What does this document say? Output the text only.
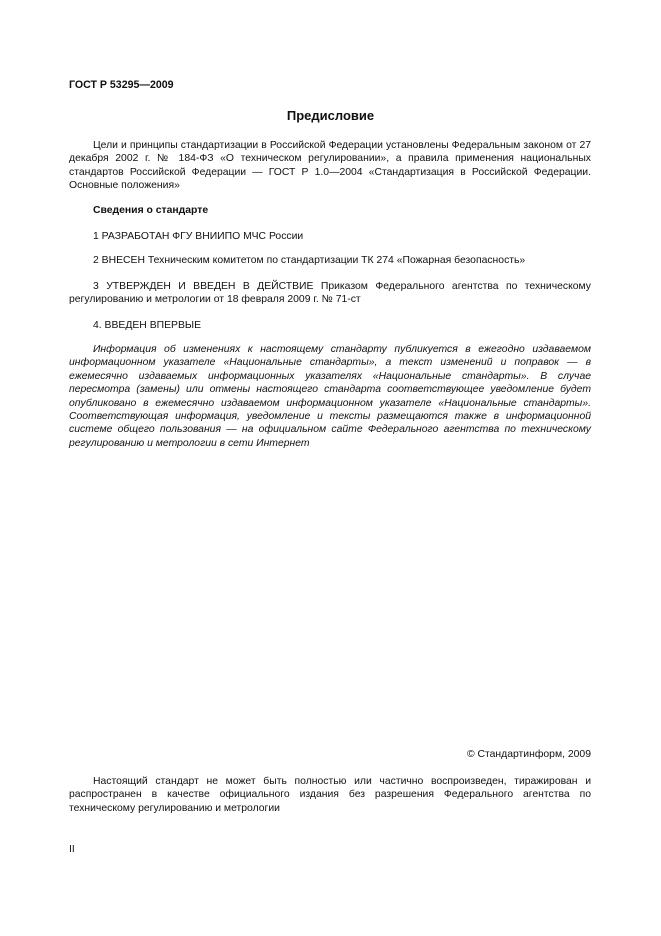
ГОСТ Р 53295—2009
Предисловие

Цели и принципы стандартизации в Российской Федерации установлены Федеральным законом от 27 декабря 2002 г. № 184-ФЗ «О техническом регулировании», а правила применения национальных стандартов Российской Федерации — ГОСТ Р 1.0—2004 «Стандартизация в Российской Федерации. Основные положения»

Сведения о стандарте

1 РАЗРАБОТАН ФГУ ВНИИПО МЧС России

2 ВНЕСЕН Техническим комитетом по стандартизации ТК 274 «Пожарная безопасность»

3 УТВЕРЖДЕН И ВВЕДЕН В ДЕЙСТВИЕ Приказом Федерального агентства по техническому регулированию и метрологии от 18 февраля 2009 г. № 71-ст

4. ВВЕДЕН ВПЕРВЫЕ

Информация об изменениях к настоящему стандарту публикуется в ежегодно издаваемом информационном указателе «Национальные стандарты», а текст изменений и поправок — в ежемесячно издаваемых информационных указателях «Национальные стандарты». В случае пересмотра (замены) или отмены настоящего стандарта соответствующее уведомление будет опубликовано в ежемесячно издаваемом информационном указателе «Национальные стандарты». Соответствующая информация, уведомление и тексты размещаются также в информационной системе общего пользования — на официальном сайте Федерального агентства по техническому регулированию и метрологии в сети Интернет

© Стандартинформ, 2009

Настоящий стандарт не может быть полностью или частично воспроизведен, тиражирован и распространен в качестве официального издания без разрешения Федерального агентства по техническому регулированию и метрологии

II
